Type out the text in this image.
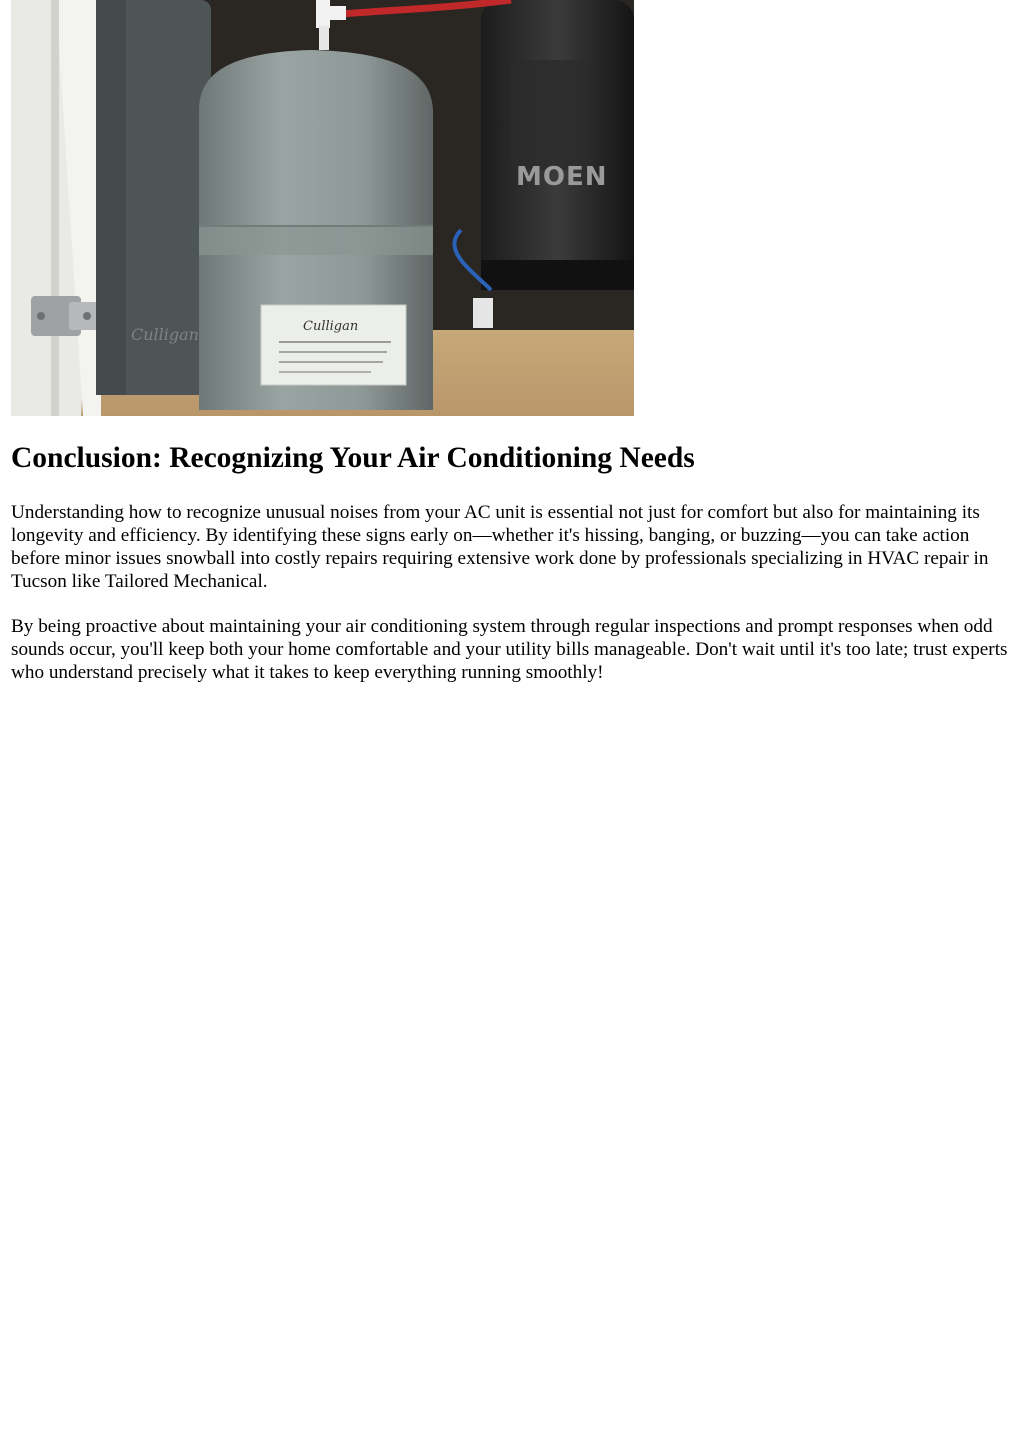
Culligan
MOEN
Culligan
Conclusion: Recognizing Your Air Conditioning Needs

Understanding how to recognize unusual noises from your AC unit is essential not just for comfort but also for maintaining its longevity and efficiency. By identifying these signs early on—whether it's hissing, banging, or buzzing—you can take action before minor issues snowball into costly repairs requiring extensive work done by professionals specializing in HVAC repair in Tucson like Tailored Mechanical.

By being proactive about maintaining your air conditioning system through regular inspections and prompt responses when odd sounds occur, you'll keep both your home comfortable and your utility bills manageable. Don't wait until it's too late; trust experts who understand precisely what it takes to keep everything running smoothly!
